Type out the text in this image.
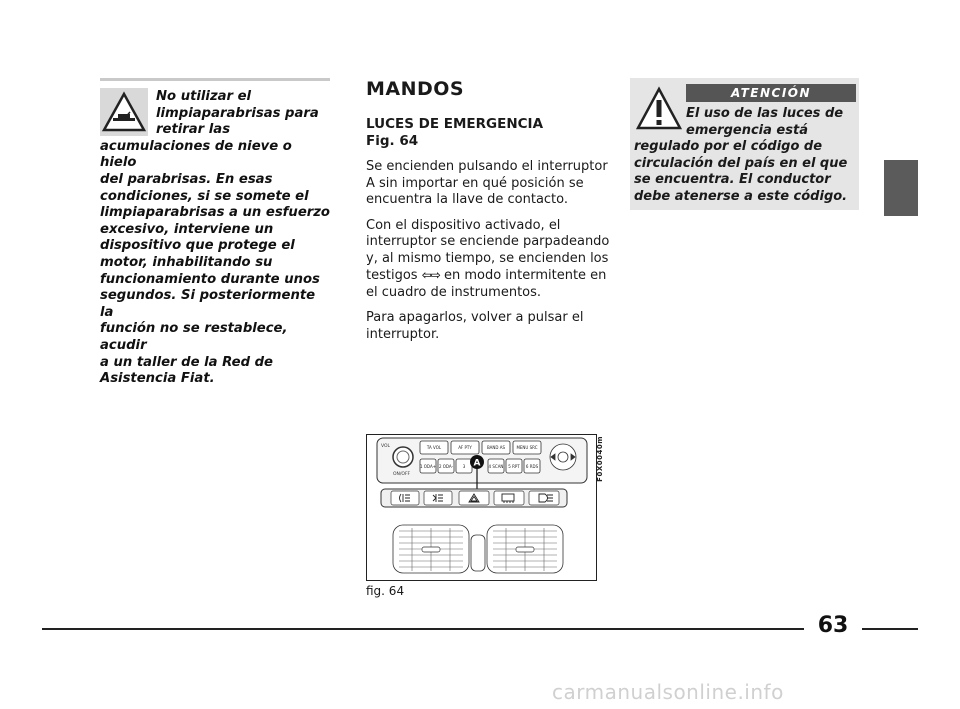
No utilizar el
limpiaparabrisas para
retirar las
acumulaciones de nieve o hielo
del parabrisas. En esas
condiciones, si se somete el
limpiaparabrisas a un esfuerzo
excesivo, interviene un
dispositivo que protege el
motor, inhabilitando su
funcionamiento durante unos
segundos. Si posteriormente la
función no se restablece, acudir
a un taller de la Red de
Asistencia Fiat.

MANDOS

LUCES DE EMERGENCIA
Fig. 64

Se encienden pulsando el interruptor A sin importar en qué posición se encuentra la llave de contacto.

Con el dispositivo activado, el interruptor se enciende parpadeando y, al mismo tiempo, se encienden los testigos ⇦⇨ en modo intermitente en el cuadro de instrumentos.

Para apagarlos, volver a pulsar el interruptor.

ATENCIÓN

El uso de las luces de
emergencia está
regulado por el código de
circulación del país en el que
se encuentra. El conductor
debe atenerse a este código.

VOL
ON/OFF
TA VOL	AF PTY	BAND AS	MENU SRC
1 ODA+ 2 ODA- 3	4 SCAN 5 RPT 6 RDS
A	F0X0040m
fig. 64
63
carmanualsonline.info
